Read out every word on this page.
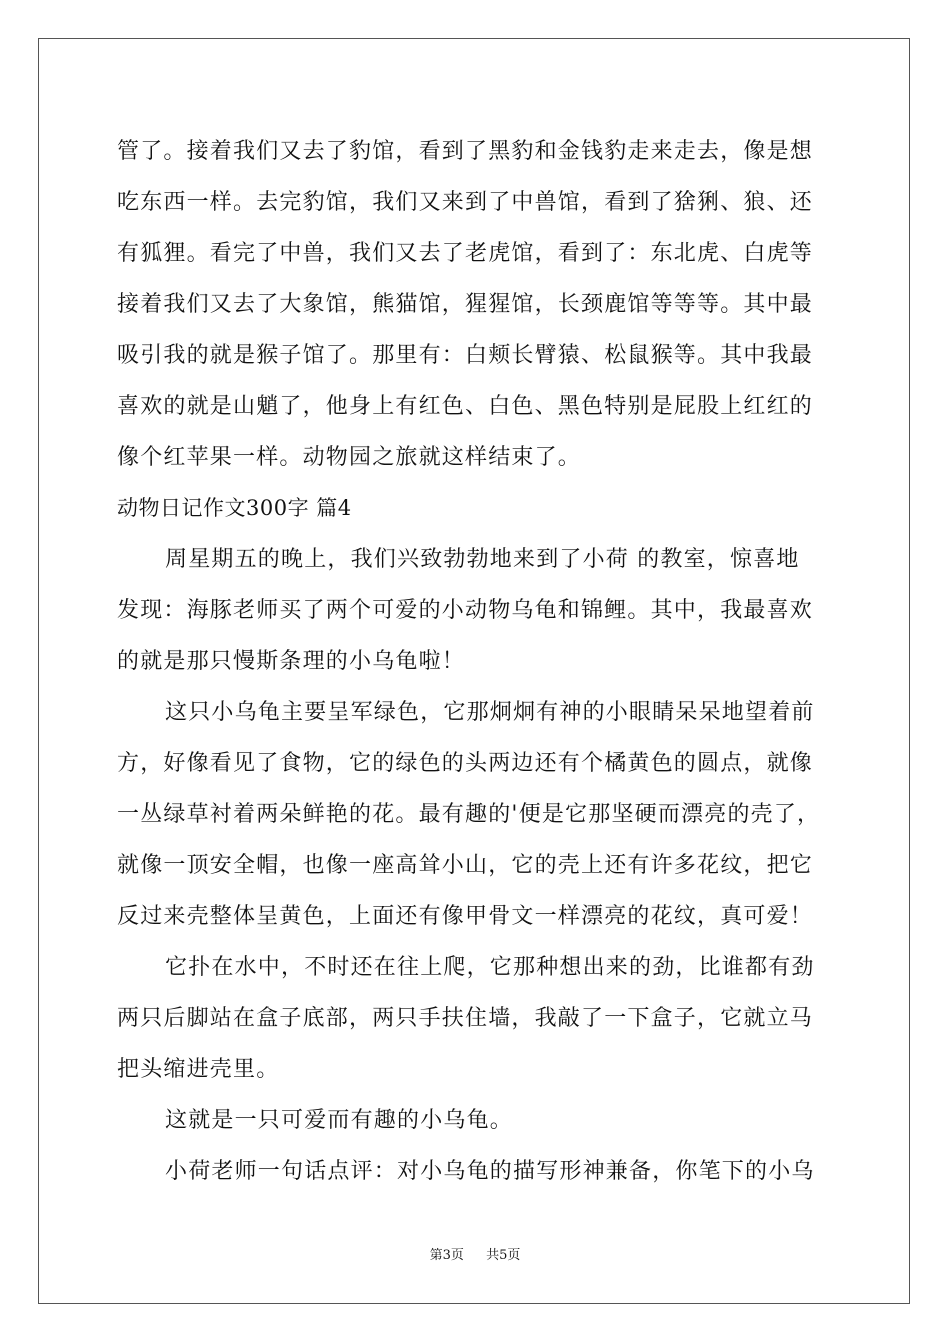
管了。接着我们又去了豹馆，看到了黑豹和金钱豹走来走去，像是想
吃东西一样。去完豹馆，我们又来到了中兽馆，看到了猞猁、狼、还
有狐狸。看完了中兽，我们又去了老虎馆，看到了：东北虎、白虎等
接着我们又去了大象馆，熊猫馆，猩猩馆，长颈鹿馆等等等。其中最
吸引我的就是猴子馆了。那里有：白颊长臂猿、松鼠猴等。其中我最
喜欢的就是山魈了，他身上有红色、白色、黑色特别是屁股上红红的
像个红苹果一样。动物园之旅就这样结束了。
动物日记作文300字 篇4
周星期五的晚上，我们兴致勃勃地来到了小荷 的教室，惊喜地
发现：海豚老师买了两个可爱的小动物乌龟和锦鲤。其中，我最喜欢
的就是那只慢斯条理的小乌龟啦！
这只小乌龟主要呈军绿色，它那炯炯有神的小眼睛呆呆地望着前
方，好像看见了食物，它的绿色的头两边还有个橘黄色的圆点，就像
一丛绿草衬着两朵鲜艳的花。最有趣的'便是它那坚硬而漂亮的壳了，
就像一顶安全帽，也像一座高耸小山，它的壳上还有许多花纹，把它
反过来壳整体呈黄色，上面还有像甲骨文一样漂亮的花纹，真可爱！
它扑在水中，不时还在往上爬，它那种想出来的劲，比谁都有劲
两只后脚站在盒子底部，两只手扶住墙，我敲了一下盒子，它就立马
把头缩进壳里。
这就是一只可爱而有趣的小乌龟。
小荷老师一句话点评：对小乌龟的描写形神兼备，你笔下的小乌
第3页 共5页
